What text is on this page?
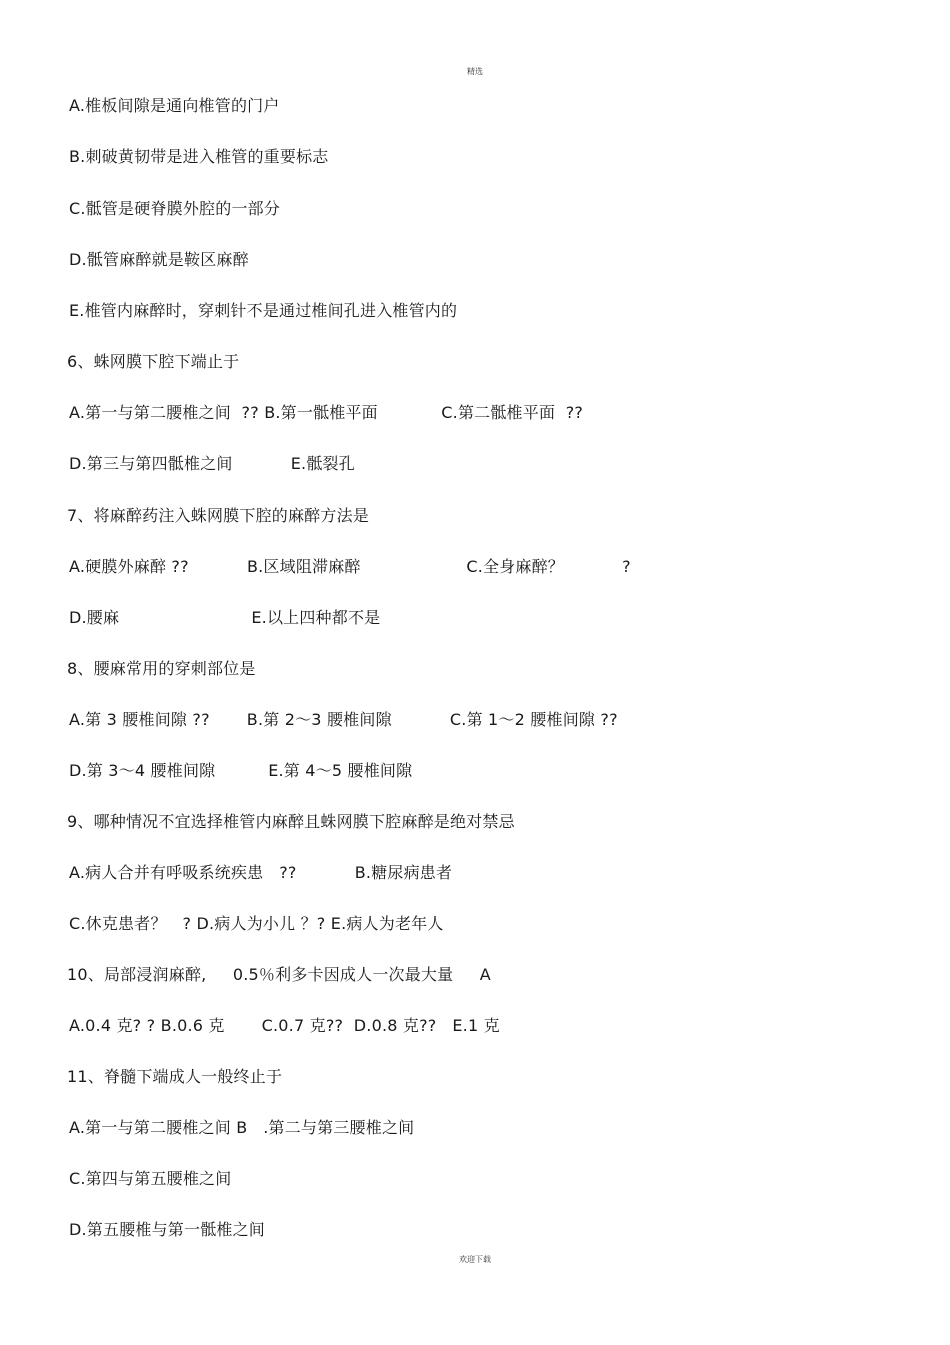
精选
A.椎板间隙是通向椎管的门户
B.刺破黄韧带是进入椎管的重要标志
C.骶管是硬脊膜外腔的一部分
D.骶管麻醉就是鞍区麻醉
E.椎管内麻醉时，穿刺针不是通过椎间孔进入椎管内的
6、蛛网膜下腔下端止于
A.第一与第二腰椎之间  ?? B.第一骶椎平面            C.第二骶椎平面  ??
D.第三与第四骶椎之间           E.骶裂孔
7、将麻醉药注入蛛网膜下腔的麻醉方法是
A.硬膜外麻醉 ??           B.区域阻滞麻醉                    C.全身麻醉？           ?
D.腰麻                         E.以上四种都不是
8、腰麻常用的穿刺部位是
A.第 3 腰椎间隙 ??       B.第 2～3 腰椎间隙           C.第 1～2 腰椎间隙 ??
D.第 3～4 腰椎间隙          E.第 4～5 腰椎间隙
9、哪种情况不宜选择椎管内麻醉且蛛网膜下腔麻醉是绝对禁忌
A.病人合并有呼吸系统疾患   ??           B.糖尿病患者
C.休克患者？   ? D.病人为小儿 ？? E.病人为老年人
10、局部浸润麻醉,     0.5％利多卡因成人一次最大量     A
A.0.4 克? ? B.0.6 克       C.0.7 克??  D.0.8 克??   E.1 克
11、脊髓下端成人一般终止于
A.第一与第二腰椎之间 B   .第二与第三腰椎之间
C.第四与第五腰椎之间
D.第五腰椎与第一骶椎之间
欢迎下载
